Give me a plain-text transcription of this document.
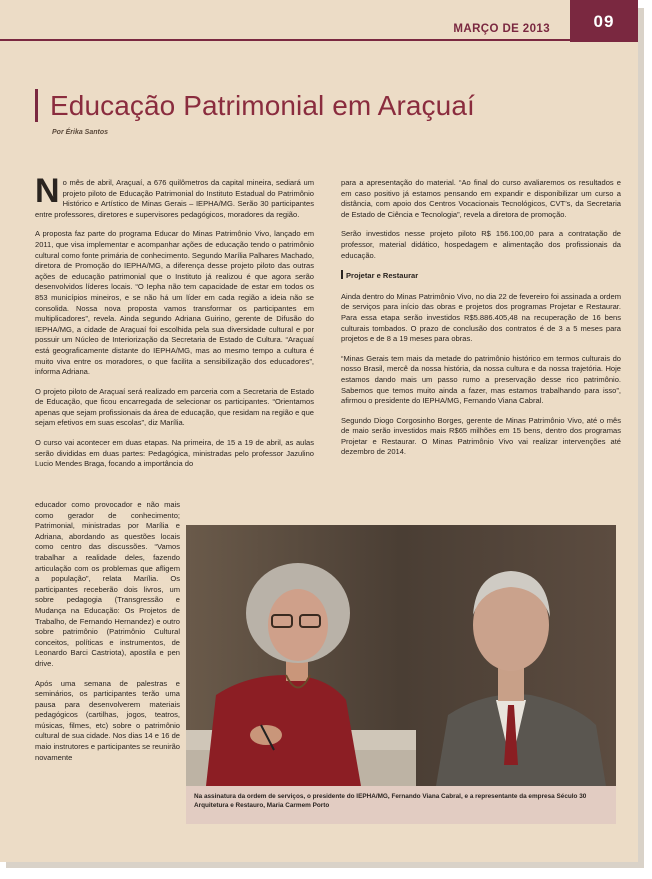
MARÇO DE 2013	09
Educação Patrimonial em Araçuaí
Por Érika Santos

No mês de abril, Araçuaí, a 676 quilômetros da capital mineira, sediará um projeto piloto de Educação Patrimonial do Instituto Estadual do Patrimônio Histórico e Artístico de Minas Gerais – IEPHA/MG. Serão 30 participantes entre professores, diretores e supervisores pedagógicos, moradores da região.

A proposta faz parte do programa Educar do Minas Patrimônio Vivo, lançado em 2011, que visa implementar e acompanhar ações de educação tendo o patrimônio cultural como fonte primária de conhecimento. Segundo Marília Palhares Machado, diretora de Promoção do IEPHA/MG, a diferença desse projeto piloto das outras ações de educação patrimonial que o Instituto já realizou é que agora serão desenvolvidos líderes locais. “O Iepha não tem capacidade de estar em todos os 853 municípios mineiros, e se não há um líder em cada região a ideia não se consolida. Nossa nova proposta vamos transformar os participantes em multiplicadores”, revela. Ainda segundo Adriana Guirino, gerente de Difusão do IEPHA/MG, a cidade de Araçuaí foi escolhida pela sua diversidade cultural e por possuir um Núcleo de Interiorização da Secretaria de Estado de Cultura. “Araçuaí está geograficamente distante do IEPHA/MG, mas ao mesmo tempo a cultura é muito viva entre os moradores, o que facilita a sensibilização dos educadores”, informa Adriana.

O projeto piloto de Araçuaí será realizado em parceria com a Secretaria de Estado de Educação, que ficou encarregada de selecionar os participantes. “Orientamos apenas que sejam profissionais da área de educação, que residam na região e que sejam efetivos em suas escolas”, diz Marília.

O curso vai acontecer em duas etapas. Na primeira, de 15 a 19 de abril, as aulas serão divididas em duas partes: Pedagógica, ministradas pelo professor Jazulino Lucio Mendes Braga, focando a importância do

educador como provocador e não mais como gerador de conhecimento; Patrimonial, ministradas por Marília e Adriana, abordando as questões locais como centro das discussões. “Vamos trabalhar a realidade deles, fazendo articulação com os problemas que afligem a população”, relata Marília. Os participantes receberão dois livros, um sobre pedagogia (Transgressão e Mudança na Educação: Os Projetos de Trabalho, de Fernando Hernandez) e outro sobre patrimônio (Patrimônio Cultural conceitos, políticas e instrumentos, de Leonardo Barci Castriota), apostila e pen drive.

Após uma semana de palestras e seminários, os participantes terão uma pausa para desenvolverem materiais pedagógicos (cartilhas, jogos, teatros, músicas, filmes, etc) sobre o patrimônio cultural de sua cidade. Nos dias 14 e 16 de maio instrutores e participantes se reunirão novamente

para a apresentação do material. “Ao final do curso avaliaremos os resultados e em caso positivo já estamos pensando em expandir e disponibilizar um curso a distância, com apoio dos Centros Vocacionais Tecnológicos, CVT’s, da Secretaria de Estado de Ciência e Tecnologia”, revela a diretora de promoção.

Serão investidos nesse projeto piloto R$ 156.100,00 para a contratação de professor, material didático, hospedagem e alimentação dos profissionais da educação.

Projetar e Restaurar

Ainda dentro do Minas Patrimônio Vivo, no dia 22 de fevereiro foi assinada a ordem de serviços para início das obras e projetos dos programas Projetar e Restaurar. Para essa etapa serão investidos R$5.886.405,48 na recuperação de 16 bens culturais tombados. O prazo de conclusão dos contratos é de 3 a 5 meses para projetos e de 8 a 19 meses para obras.

“Minas Gerais tem mais da metade do patrimônio histórico em termos culturais do nosso Brasil, mercê da nossa história, da nossa cultura e da nossa trajetória. Hoje estamos dando mais um passo rumo a preservação desse rico patrimônio. Sabemos que temos muito ainda a fazer, mas estamos trabalhando para isso”, afirmou o presidente do IEPHA/MG, Fernando Viana Cabral.

Segundo Diogo Corgosinho Borges, gerente de Minas Patrimônio Vivo, até o mês de maio serão investidos mais R$65 milhões em 15 bens, dentro dos programas Projetar e Restaurar. O Minas Patrimônio Vivo vai realizar intervenções até dezembro de 2014.

Na assinatura da ordem de serviços, o presidente do IEPHA/MG, Fernando Viana Cabral, e a representante da empresa Século 30 Arquitetura e Restauro, Maria Carmem Porto
